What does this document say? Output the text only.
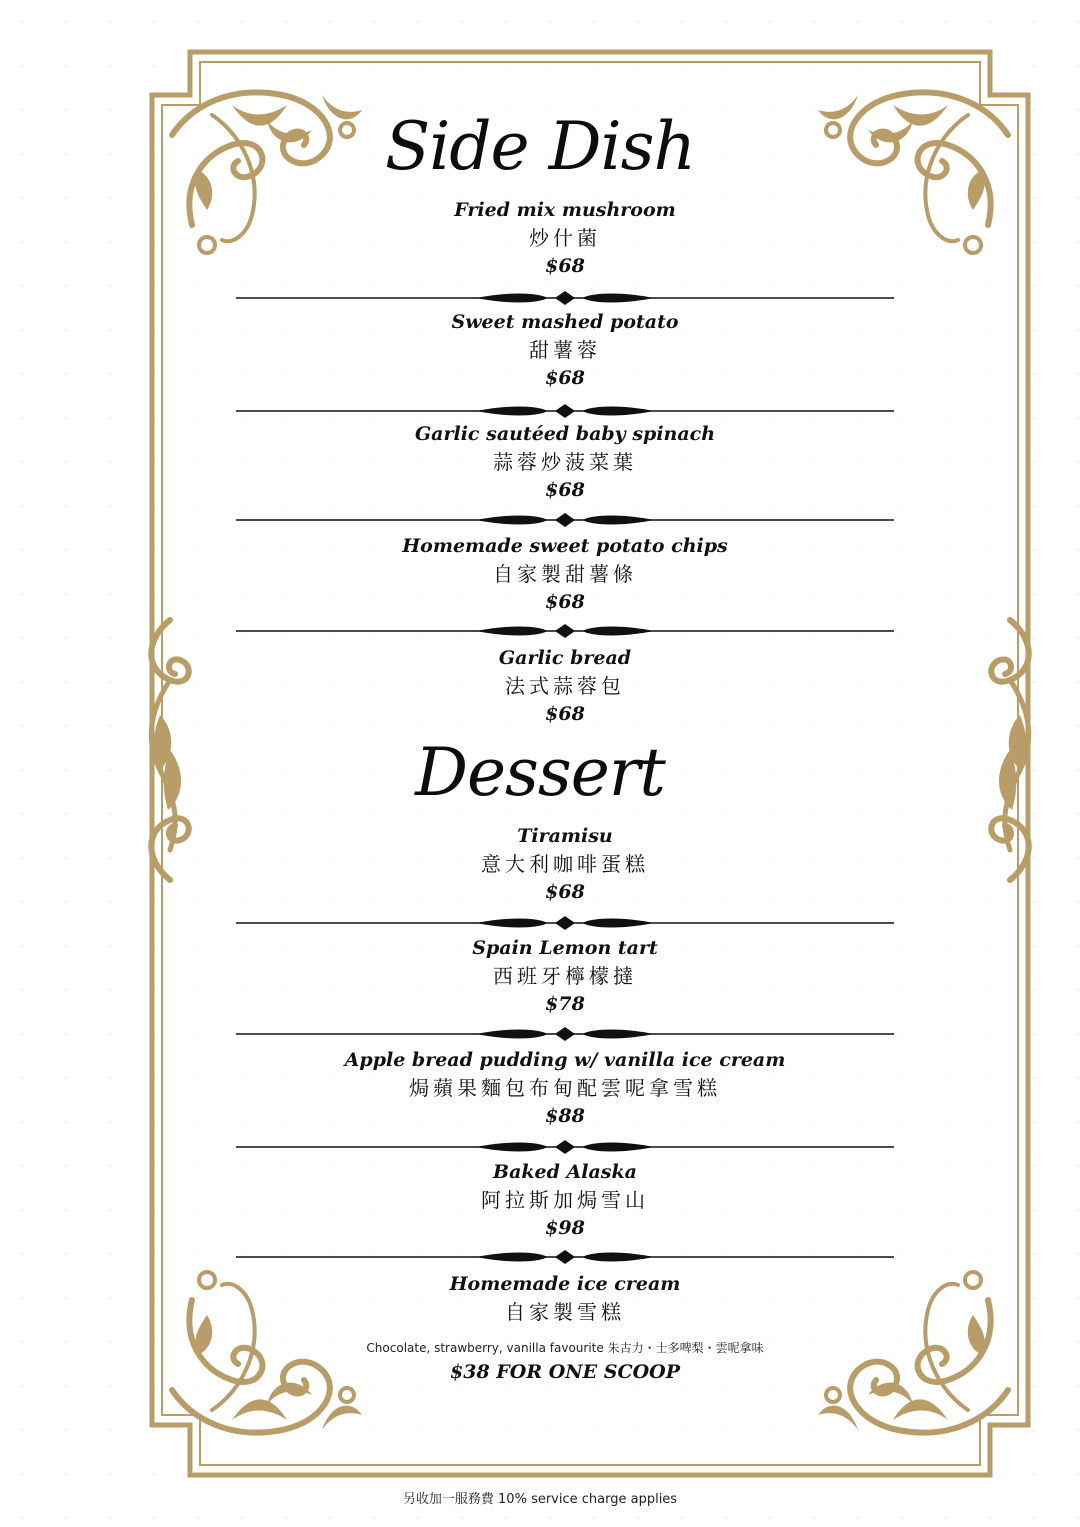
Side Dish
Fried mix mushroom
炒什菌
$68
Sweet mashed potato
甜薯蓉
$68
Garlic sautéed baby spinach
蒜蓉炒菠菜葉
$68
Homemade sweet potato chips
自家製甜薯條
$68
Garlic bread
法式蒜蓉包
$68
Dessert
Tiramisu
意大利咖啡蛋糕
$68
Spain Lemon tart
西班牙檸檬撻
$78
Apple bread pudding w/ vanilla ice cream
焗蘋果麵包布甸配雲呢拿雪糕
$88
Baked Alaska
阿拉斯加焗雪山
$98
Homemade ice cream
自家製雪糕
Chocolate, strawberry, vanilla favourite 朱古力・士多啤梨・雲呢拿味
$38 FOR ONE SCOOP
另收加一服務費 10% service charge applies
